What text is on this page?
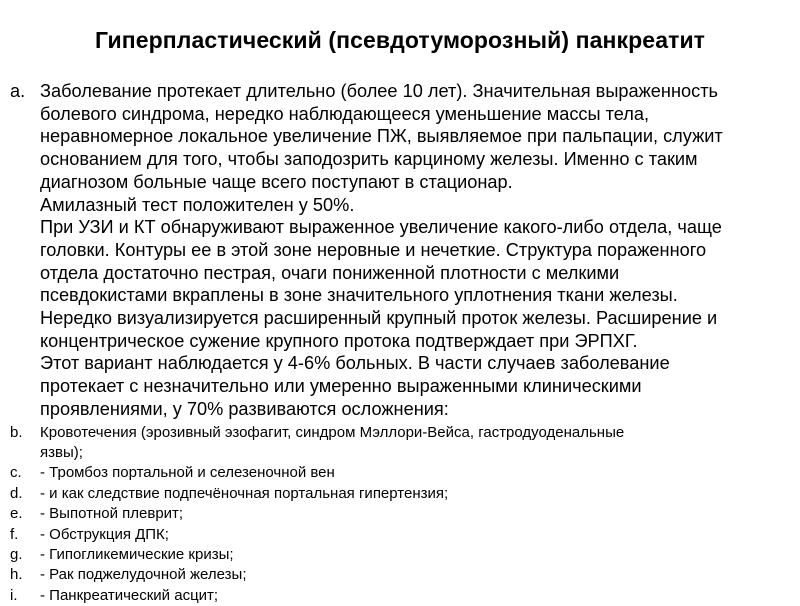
Гиперпластический (псевдотуморозный) панкреатит
a. Заболевание протекает длительно (более 10 лет). Значительная выраженность
болевого синдрома, нередко наблюдающееся уменьшение массы тела,
неравномерное локальное увеличение ПЖ, выявляемое при пальпации, служит
основанием для того, чтобы заподозрить карциному железы. Именно с таким
диагнозом больные чаще всего поступают в стационар.
Амилазный тест положителен у 50%.
При УЗИ и КТ обнаруживают выраженное увеличение какого-либо отдела, чаще
головки. Контуры ее в этой зоне неровные и нечеткие. Структура пораженного
отдела достаточно пестрая, очаги пониженной плотности с мелкими
псевдокистами вкраплены в зоне значительного уплотнения ткани железы.
Нередко визуализируется расширенный крупный проток железы. Расширение и
концентрическое сужение крупного протока подтверждает при ЭРПХГ.
Этот вариант наблюдается у 4-6% больных. В части случаев заболевание
протекает с незначительно или умеренно выраженными клиническими
проявлениями, у 70% развиваются осложнения:
b. Кровотечения (эрозивный эзофагит, синдром Мэллори-Вейса, гастродуоденальные
язвы);
c. - Тромбоз портальной и селезеночной вен
d. - и как следствие подпечёночная портальная гипертензия;
e. - Выпотной плеврит;
f. - Обструкция ДПК;
g. - Гипогликемические кризы;
h. - Рак поджелудочной железы;
i. - Панкреатический асцит;
